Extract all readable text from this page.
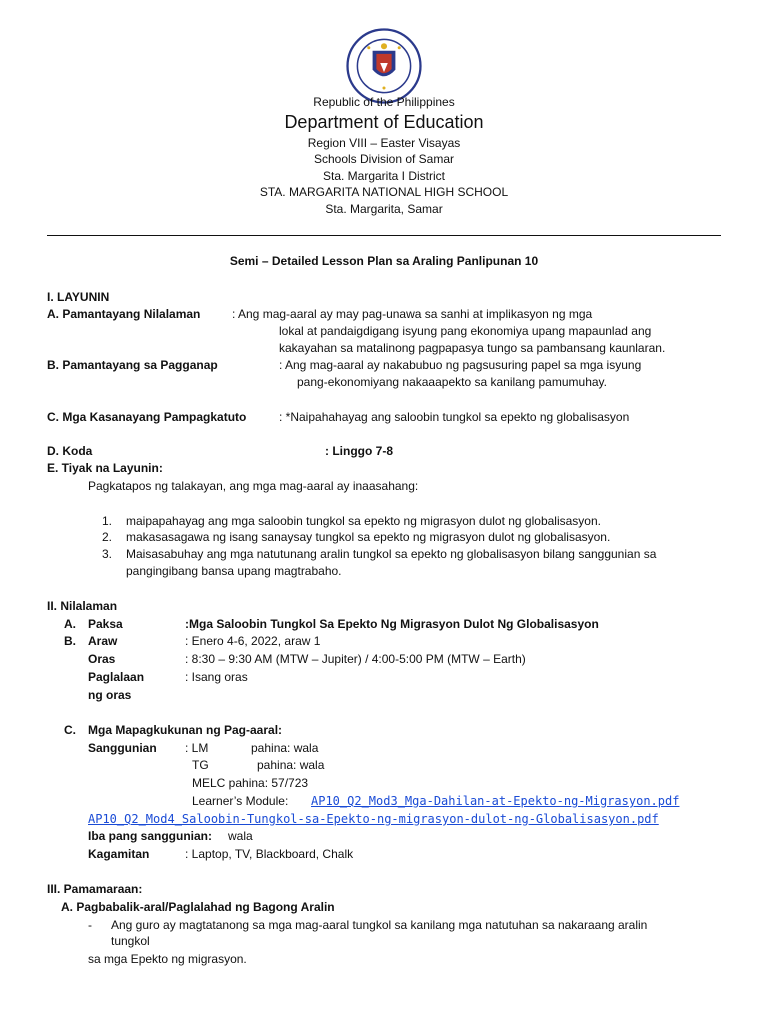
Republic of the Philippines
Department of Education
Region VIII – Easter Visayas
Schools Division of Samar
Sta. Margarita I District
STA. MARGARITA NATIONAL HIGH SCHOOL
Sta. Margarita, Samar
Semi – Detailed Lesson Plan sa Araling Panlipunan 10
I. LAYUNIN
A. Pamantayang Nilalaman	: Ang mag-aaral ay may pag-unawa sa sanhi at implikasyon ng mga
lokal at pandaigdigang isyung pang ekonomiya upang mapaunlad ang
kakayahan sa matalinong pagpapasya tungo sa pambansang kaunlaran.
B. Pamantayang sa Pagganap	: Ang mag-aaral ay nakabubuo ng pagsusuring papel sa mga isyung
pang-ekonomiyang nakaaapekto sa kanilang pamumuhay.
C. Mga Kasanayang Pampagkatuto	: *Naipahahayag ang saloobin tungkol sa epekto ng globalisasyon
D. Koda	: Linggo 7-8
E. Tiyak na Layunin:
Pagkatapos ng talakayan, ang mga mag-aaral ay inaasahang:
1. maipapahayag ang mga saloobin tungkol sa epekto ng migrasyon dulot ng globalisasyon.
2. makasasagawa ng isang sanaysay tungkol sa epekto ng migrasyon dulot ng globalisasyon.
3. Maisasabuhay ang mga natutunang aralin tungkol sa epekto ng globalisasyon bilang sanggunian sa
pangingibang bansa upang magtrabaho.
II. Nilalaman
A. Paksa	:Mga Saloobin Tungkol Sa Epekto Ng Migrasyon Dulot Ng Globalisasyon
B. Araw	: Enero 4-6, 2022, araw 1
Oras	: 8:30 – 9:30 AM (MTW – Jupiter) / 4:00-5:00 PM (MTW – Earth)
Paglalaan	: Isang oras
ng oras
C. Mga Mapagkukunan ng Pag-aaral:
Sanggunian : LM	pahina: wala
TG	pahina: wala
MELC pahina: 57/723
Learner’s Module: AP10_Q2_Mod3_Mga-Dahilan-at-Epekto-ng-Migrasyon.pdf
AP10_Q2_Mod4_Saloobin-Tungkol-sa-Epekto-ng-migrasyon-dulot-ng-Globalisasyon.pdf
Iba pang sanggunian: wala
Kagamitan	: Laptop, TV, Blackboard, Chalk
III. Pamamaraan:
A. Pagbabalik-aral/Paglalahad ng Bagong Aralin
- Ang guro ay magtatanong sa mga mag-aaral tungkol sa kanilang mga natutuhan sa nakaraang aralin
tungkol
sa mga Epekto ng migrasyon.
